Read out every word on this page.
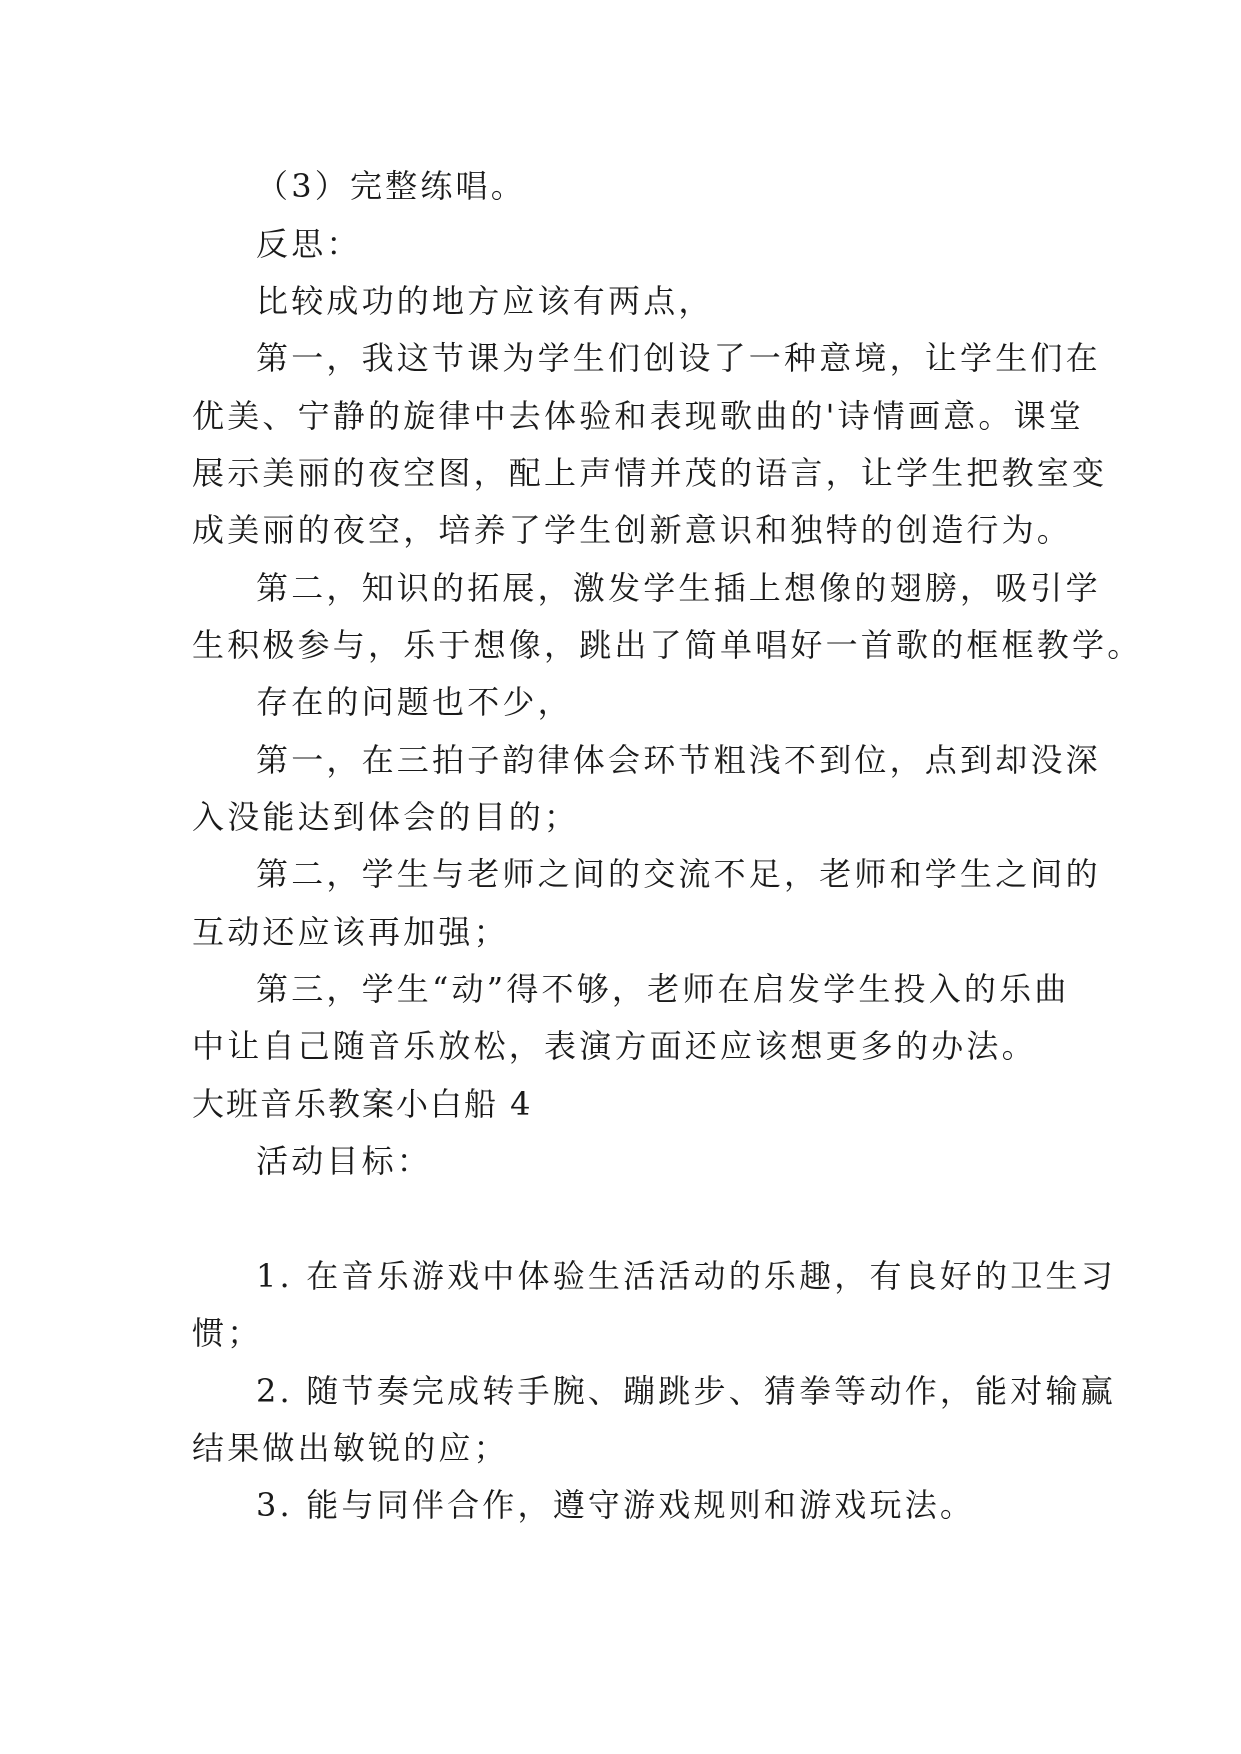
（3）完整练唱。
反思：
比较成功的地方应该有两点，
第一，我这节课为学生们创设了一种意境，让学生们在
优美、宁静的旋律中去体验和表现歌曲的'诗情画意。课堂
展示美丽的夜空图，配上声情并茂的语言，让学生把教室变
成美丽的夜空，培养了学生创新意识和独特的创造行为。
第二，知识的拓展，激发学生插上想像的翅膀，吸引学
生积极参与，乐于想像，跳出了简单唱好一首歌的框框教学。
存在的问题也不少，
第一，在三拍子韵律体会环节粗浅不到位，点到却没深
入没能达到体会的目的；
第二，学生与老师之间的交流不足，老师和学生之间的
互动还应该再加强；
第三，学生“动”得不够，老师在启发学生投入的乐曲
中让自己随音乐放松，表演方面还应该想更多的办法。
大班音乐教案小白船 4
活动目标：
1. 在音乐游戏中体验生活活动的乐趣，有良好的卫生习
惯；
2. 随节奏完成转手腕、蹦跳步、猜拳等动作，能对输赢
结果做出敏锐的应；
3. 能与同伴合作，遵守游戏规则和游戏玩法。
